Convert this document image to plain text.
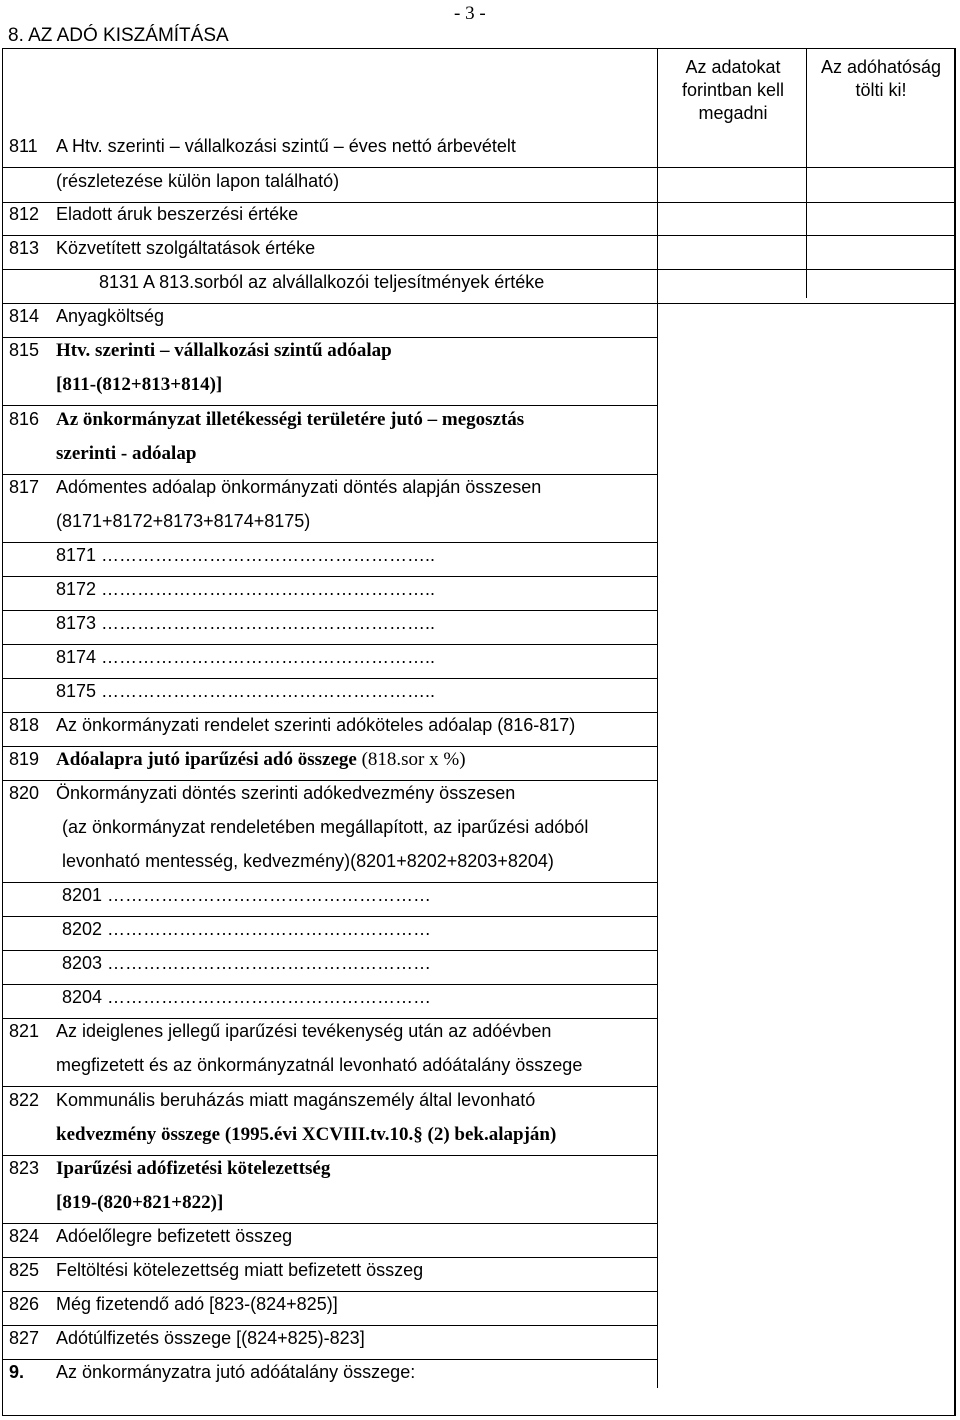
- 3 -
8. AZ ADÓ KISZÁMÍTÁSA
Az adatokat
forintban kell
megadni
Az adóhatóság
tölti ki!
811 A Htv. szerinti – vállalkozási szintű – éves nettó árbevételt
(részletezése külön lapon található)
812 Eladott áruk beszerzési értéke
813 Közvetített szolgáltatások értéke
8131 A 813.sorból az alvállalkozói teljesítmények értéke
814 Anyagköltség
815 Htv. szerinti – vállalkozási szintű adóalap
[811-(812+813+814)]
816 Az önkormányzat illetékességi területére jutó – megosztás
szerinti - adóalap
817 Adómentes adóalap önkormányzati döntés alapján összesen
(8171+8172+8173+8174+8175)
8171 ………………………………………………..
8172 ………………………………………………..
8173 ………………………………………………..
8174 ………………………………………………..
8175 ………………………………………………..
818 Az önkormányzati rendelet szerinti adóköteles adóalap (816-817)
819 Adóalapra jutó iparűzési adó összege (818.sor x %)
820 Önkormányzati döntés szerinti adókedvezmény összesen
(az önkormányzat rendeletében megállapított, az iparűzési adóból
levonható mentesség, kedvezmény)(8201+8202+8203+8204)
8201 ………………………………………………
8202 ………………………………………………
8203 ………………………………………………
8204 ………………………………………………
821 Az ideiglenes jellegű iparűzési tevékenység után az adóévben
megfizetett és az önkormányzatnál levonható adóátalány összege
822 Kommunális beruházás miatt magánszemély által levonható
kedvezmény összege (1995.évi XCVIII.tv.10.§ (2) bek.alapján)
823 Iparűzési adófizetési kötelezettség
[819-(820+821+822)]
824 Adóelőlegre befizetett összeg
825 Feltöltési kötelezettség miatt befizetett összeg
826 Még fizetendő adó [823-(824+825)]
827 Adótúlfizetés összege [(824+825)-823]
9. Az önkormányzatra jutó adóátalány összege:
